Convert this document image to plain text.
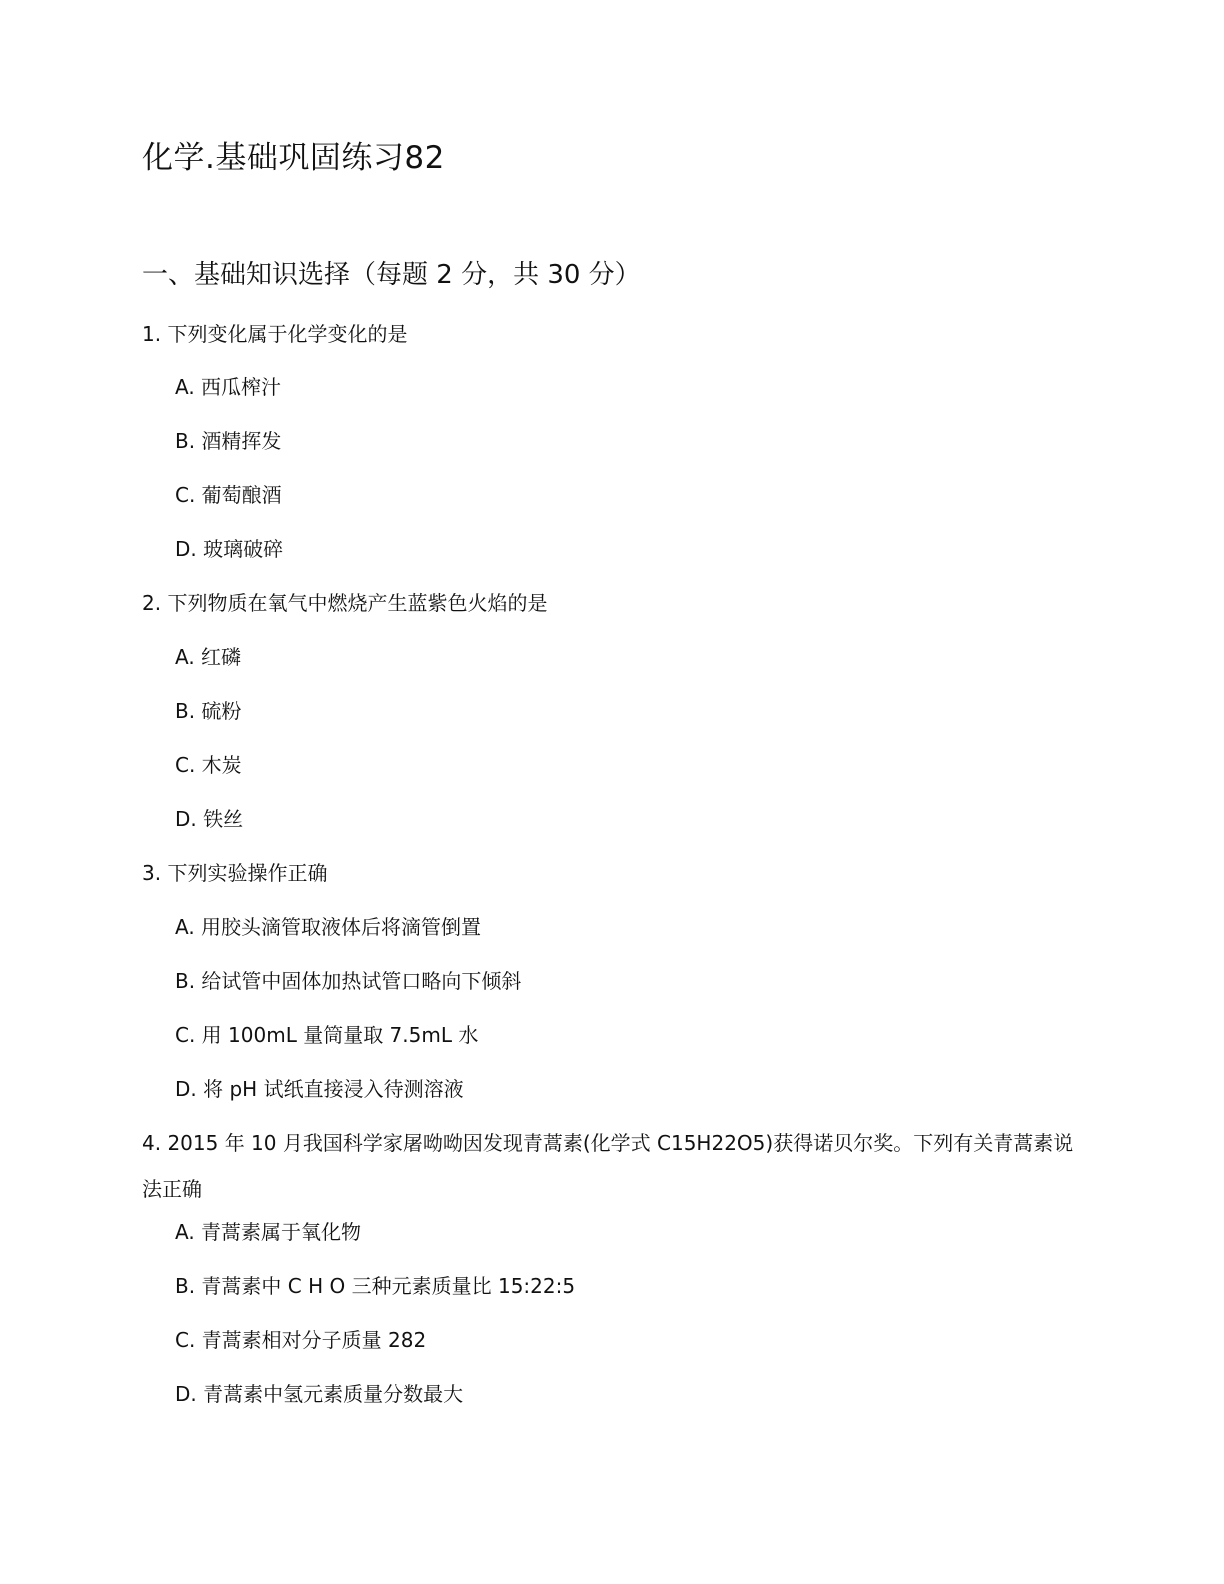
化学.基础巩固练习82
一、基础知识选择（每题 2 分，共 30 分）
1. 下列变化属于化学变化的是
A. 西瓜榨汁
B. 酒精挥发
C. 葡萄酿酒
D. 玻璃破碎
2. 下列物质在氧气中燃烧产生蓝紫色火焰的是
A. 红磷
B. 硫粉
C. 木炭
D. 铁丝
3. 下列实验操作正确
A. 用胶头滴管取液体后将滴管倒置
B. 给试管中固体加热试管口略向下倾斜
C. 用 100mL 量筒量取 7.5mL 水
D. 将 pH 试纸直接浸入待测溶液
4. 2015 年 10 月我国科学家屠呦呦因发现青蒿素(化学式 C15H22O5)获得诺贝尔奖。下列有关青蒿素说法正确
A. 青蒿素属于氧化物
B. 青蒿素中 C H O 三种元素质量比 15:22:5
C. 青蒿素相对分子质量 282
D. 青蒿素中氢元素质量分数最大
